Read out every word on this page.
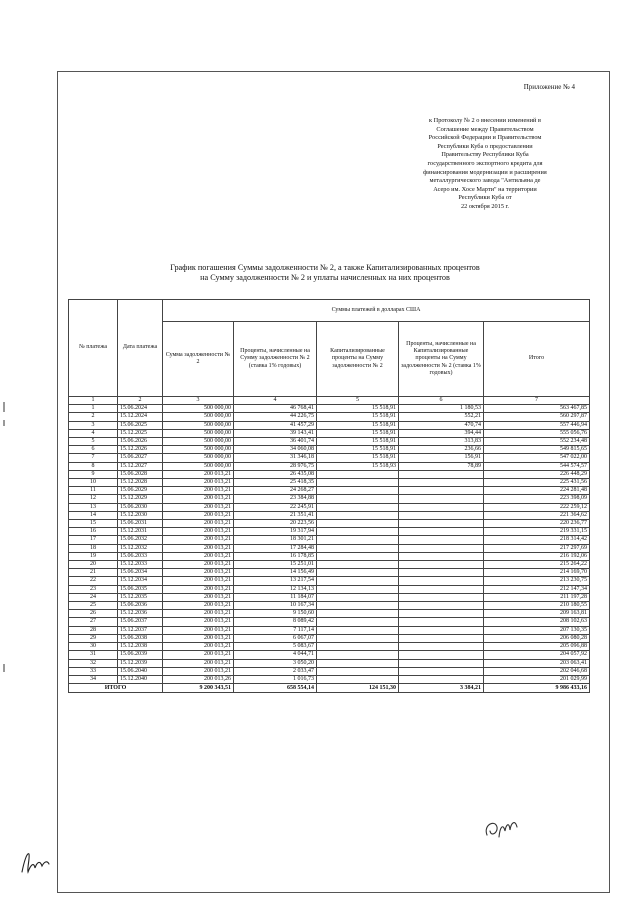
Приложение № 4
к Протоколу № 2 о внесении изменений в
Соглашение между Правительством
Российской Федерации и Правительством
Республики Куба о предоставлении
Правительству Республики Куба
государственного экспортного кредита для
финансирования модернизации и расширения
металлургического завода "Антильяна де
Асеро им. Хосе Марти" на территории
Республики Куба от
22 октября 2015 г.
График погашения Суммы задолженности № 2, а также Капитализированных процентов
на Сумму задолженности № 2 и уплаты начисленных на них процентов
№ платежа	Дата платежа	Суммы платежей в долларах США				
		Сумма задолженности № 2	Проценты, начисленные на Сумму задолженности № 2 (ставка 1% годовых)	Капитализированные проценты на Сумму задолженности № 2	Проценты, начисленные на Капитализированные проценты на Сумму задолженности № 2 (ставка 1% годовых)	Итого
1	2	3	4	5	6	7
1	15.06.2024	500 000,00	46 768,41	15 518,91	1 180,53	563 467,85
2	15.12.2024	500 000,00	44 226,75	15 518,91	552,21	560 297,87
3	15.06.2025	500 000,00	41 457,29	15 518,91	470,74	557 446,94
4	15.12.2025	500 000,00	39 143,41	15 518,91	394,44	555 056,76
5	15.06.2026	500 000,00	36 401,74	15 518,91	313,83	552 234,48
6	15.12.2026	500 000,00	34 060,08	15 518,91	236,66	549 815,65
7	15.06.2027	500 000,00	31 346,18	15 518,91	156,91	547 022,00
8	15.12.2027	500 000,00	28 976,75	15 518,93	78,89	544 574,57
9	15.06.2028	200 013,21	26 435,08			226 448,29
10	15.12.2028	200 013,21	25 418,35			225 431,56
11	15.06.2029	200 013,21	24 268,27			224 281,48
12	15.12.2029	200 013,21	23 384,88			223 398,09
13	15.06.2030	200 013,21	22 245,91			222 259,12
14	15.12.2030	200 013,21	21 351,41			221 364,62
15	15.06.2031	200 013,21	20 223,56			220 236,77
16	15.12.2031	200 013,21	19 317,94			219 331,15
17	15.06.2032	200 013,21	18 301,21			218 314,42
18	15.12.2032	200 013,21	17 284,48			217 297,69
19	15.06.2033	200 013,21	16 178,85			216 192,06
20	15.12.2033	200 013,21	15 251,01			215 264,22
21	15.06.2034	200 013,21	14 156,49			214 169,70
22	15.12.2034	200 013,21	13 217,54			213 230,75
23	15.06.2035	200 013,21	12 134,13			212 147,34
24	15.12.2035	200 013,21	11 184,07			211 197,28
25	15.06.2036	200 013,21	10 167,34			210 180,55
26	15.12.2036	200 013,21	9 150,60			209 163,81
27	15.06.2037	200 013,21	8 089,42			208 102,63
28	15.12.2037	200 013,21	7 117,14			207 130,35
29	15.06.2038	200 013,21	6 067,07			206 080,28
30	15.12.2038	200 013,21	5 083,67			205 096,88
31	15.06.2039	200 013,21	4 044,71			204 057,92
32	15.12.2039	200 013,21	3 050,20			203 063,41
33	15.06.2040	200 013,21	2 033,47			202 046,68
34	15.12.2040	200 013,26	1 016,73			201 029,99
ИТОГО		9 200 343,51	658 554,14	124 151,30	3 384,21	9 986 433,16
